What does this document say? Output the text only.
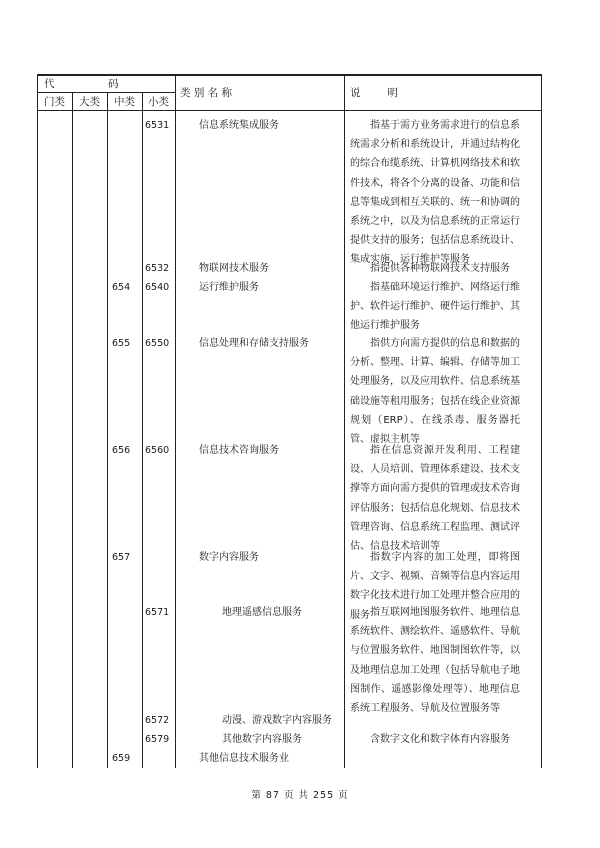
代	码
门类 大类 中类 小类
类 别 名 称	说        明
6531	信息系统集成服务	指基于需方业务需求进行的信息系统需求分析和系统设计，并通过结构化的综合布缆系统、计算机网络技术和软件技术，将各个分离的设备、功能和信息等集成到相互关联的、统一和协调的系统之中，以及为信息系统的正常运行提供支持的服务；包括信息系统设计、集成实施、运行维护等服务

6532	物联网技术服务	指提供各种物联网技术支持服务

654 6540	运行维护服务	指基础环境运行维护、网络运行维护、软件运行维护、硬件运行维护、其他运行维护服务

655 6550	信息处理和存储支持服务	指供方向需方提供的信息和数据的分析、整理、计算、编辑、存储等加工处理服务，以及应用软件、信息系统基础设施等租用服务；包括在线企业资源规划（ERP）、在线杀毒、服务器托管、虚拟主机等

656 6560	信息技术咨询服务	指在信息资源开发利用、工程建设、人员培训、管理体系建设、技术支撑等方面向需方提供的管理或技术咨询评估服务；包括信息化规划、信息技术管理咨询、信息系统工程监理、测试评估、信息技术培训等

657	数字内容服务	指数字内容的加工处理，即将图片、文字、视频、音频等信息内容运用数字化技术进行加工处理并整合应用的服务

6571	地理遥感信息服务	指互联网地图服务软件、地理信息系统软件、测绘软件、遥感软件、导航与位置服务软件、地图制图软件等，以及地理信息加工处理（包括导航电子地图制作、遥感影像处理等）、地理信息系统工程服务、导航及位置服务等

6572	动漫、游戏数字内容服务
6579	其他数字内容服务	含数字文化和数字体育内容服务

659	其他信息技术服务业
第 87 页 共 255 页
